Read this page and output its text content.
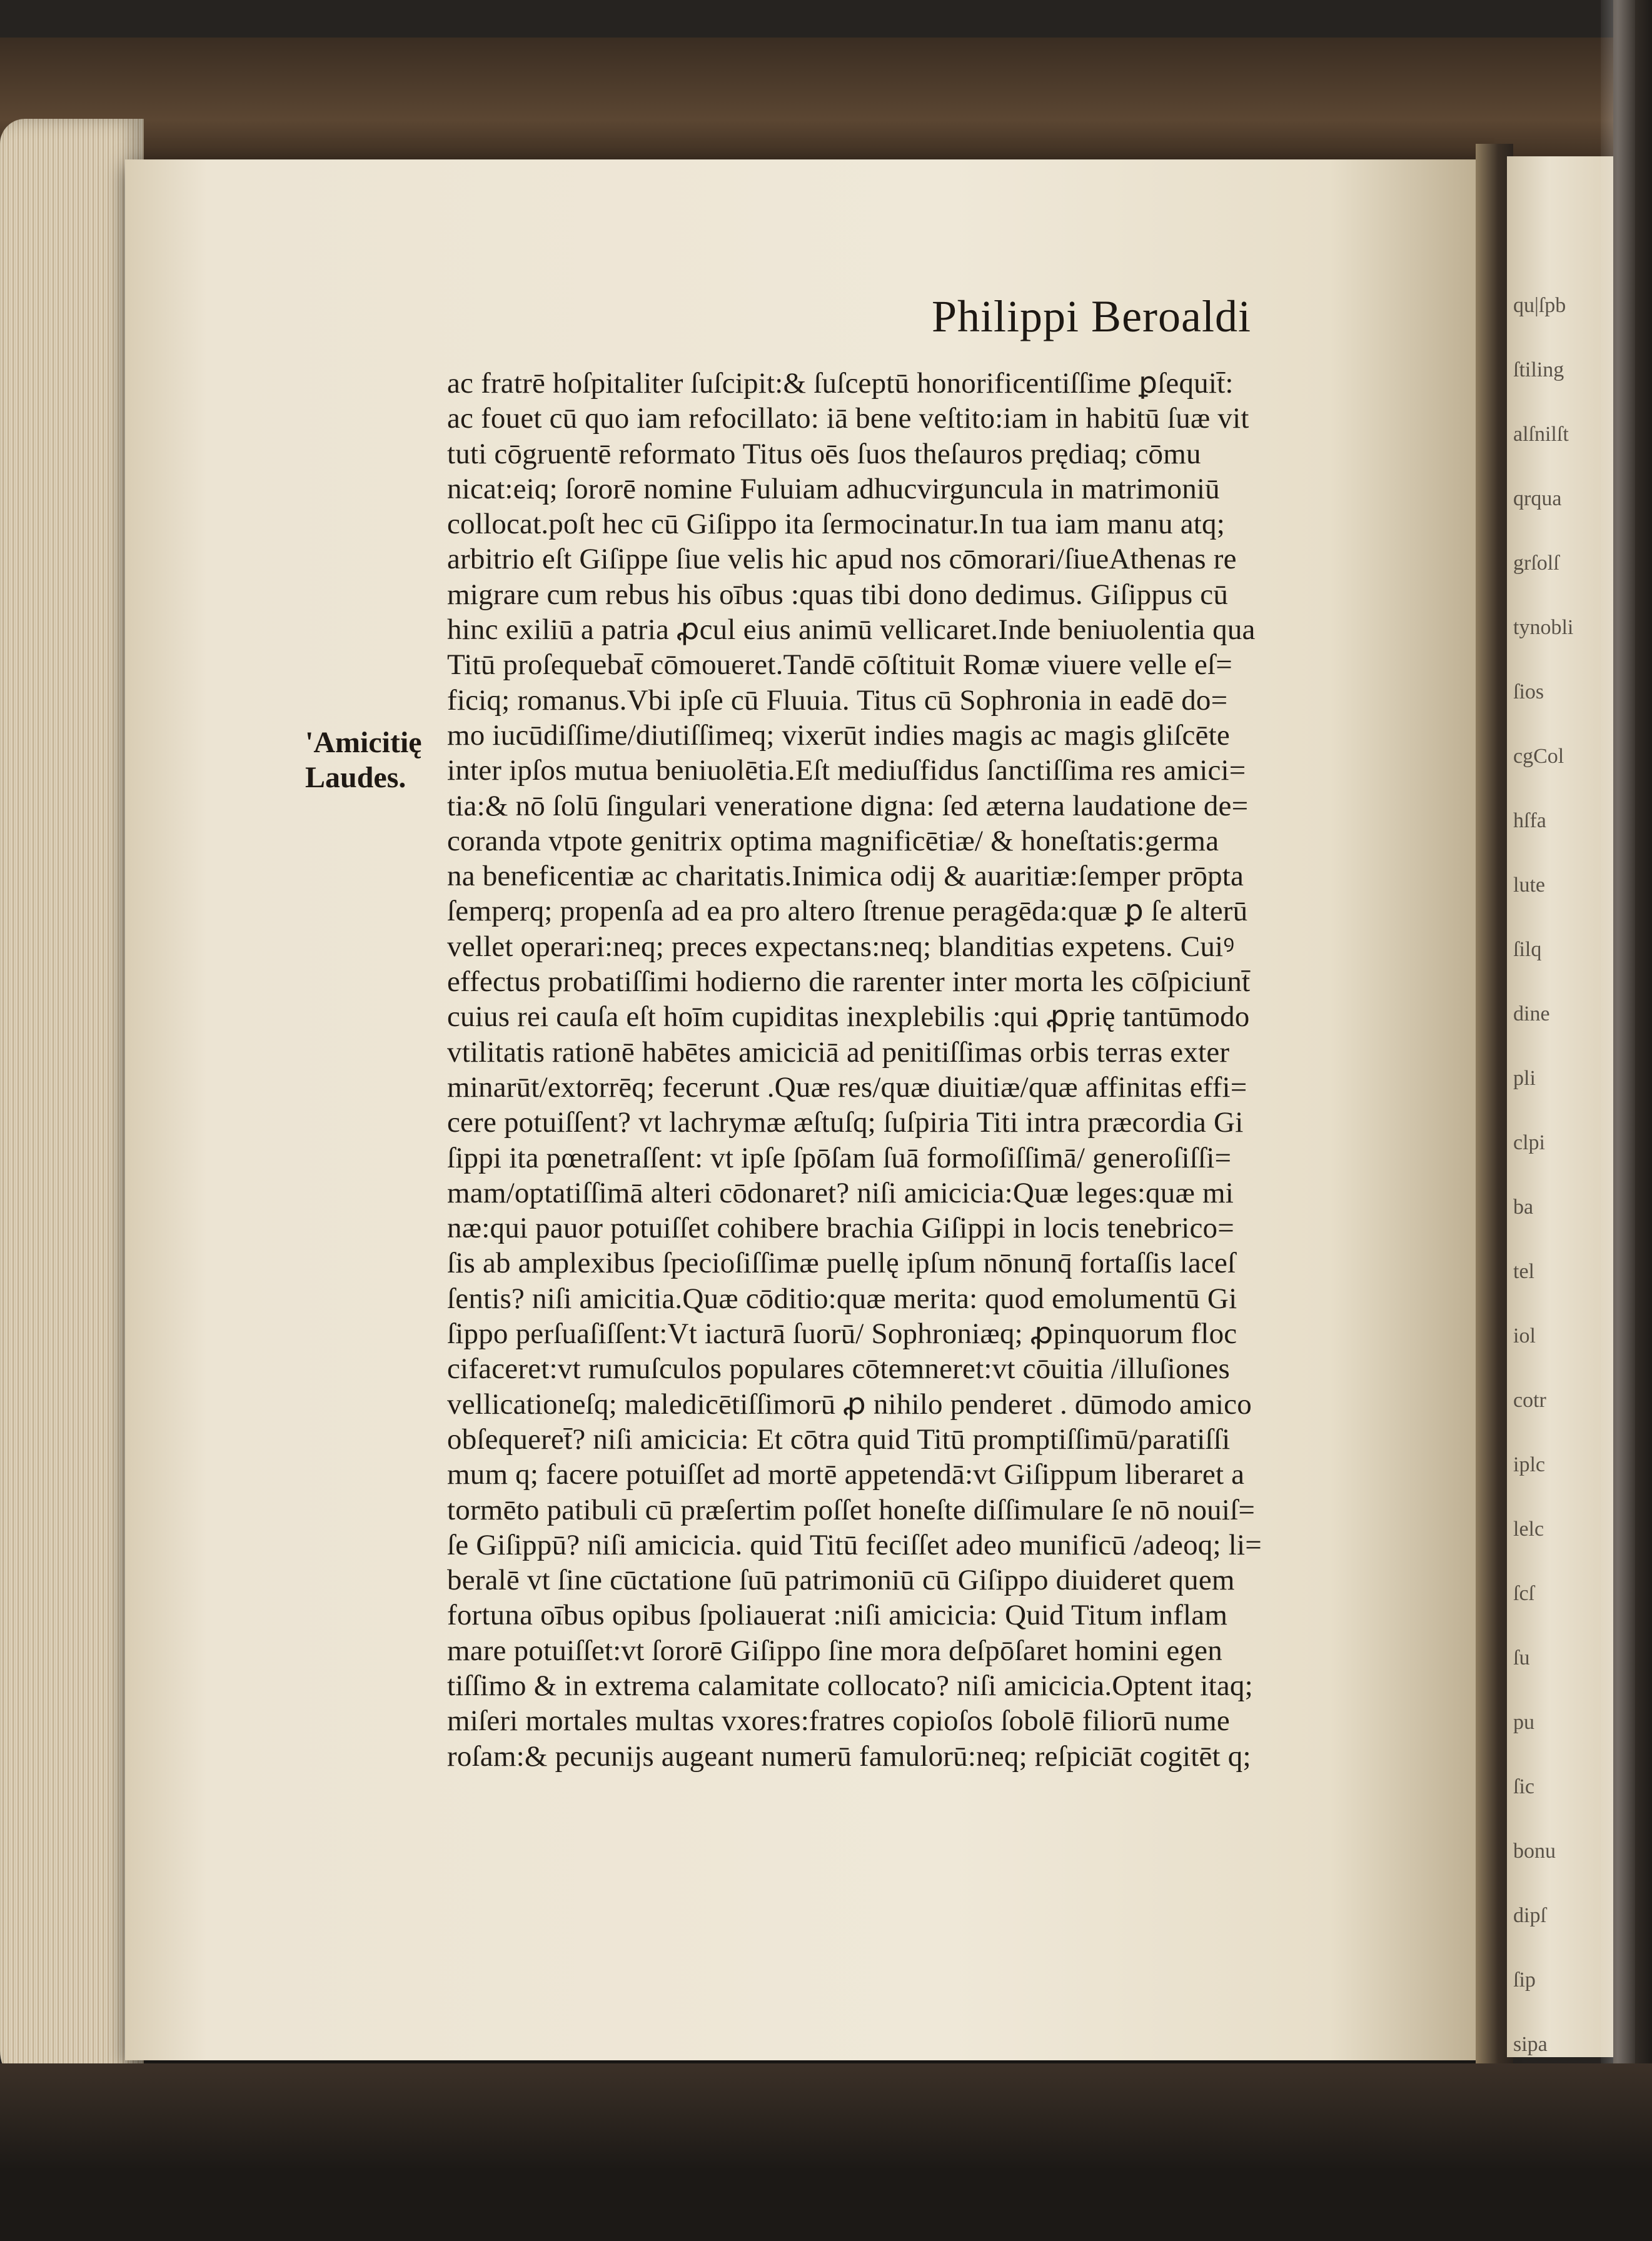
Philippi Beroaldi
'Amicitię
Laudes.
ac fratrē hoſpitaliter ſuſcipit:& ſuſceptū honorificentiſſime ꝑſequit̄:
ac fouet cū quo iam refocillato: iā bene veſtito:iam in habitū ſuæ vit
tuti cōgruentē reformato Titus oēs ſuos theſauros prędiaq; cōmu
nicat:eiq; ſororē nomine Fuluiam adhucvirguncula in matrimoniū
collocat.poſt hec cū Giſippo ita ſermocinatur.In tua iam manu atq;
arbitrio eſt Giſippe ſiue velis hic apud nos cōmorari/ſiueAthenas re
migrare cum rebus his oībus :quas tibi dono dedimus. Giſippus cū
hinc exiliū a patria ꝓcul eius animū vellicaret.Inde beniuolentia qua
Titū proſequebat̄ cōmoueret.Tandē cōſtituit Romæ viuere velle eſ=
ficiq; romanus.Vbi ipſe cū Fluuia. Titus cū Sophronia in eadē do=
mo iucūdiſſime/diutiſſimeq; vixerūt indies magis ac magis gliſcēte
inter ipſos mutua beniuolētia.Eſt mediuſfidus ſanctiſſima res amici=
tia:& nō ſolū ſingulari veneratione digna: ſed æterna laudatione de=
coranda vtpote genitrix optima magnificētiæ/ & honeſtatis:germa
na beneficentiæ ac charitatis.Inimica odij & auaritiæ:ſemper prōpta
ſemperq; propenſa ad ea pro altero ſtrenue peragēda:quæ ꝑ ſe alterū
vellet operari:neq; preces expectans:neq; blanditias expetens. Cuiꝰ
effectus probatiſſimi hodierno die rarenter inter morta les cōſpiciunt̄
cuius rei cauſa eſt hoīm cupiditas inexplebilis :qui ꝓprię tantūmodo
vtilitatis rationē habētes amiciciā ad penitiſſimas orbis terras exter
minarūt/extorrēq; fecerunt .Quæ res/quæ diuitiæ/quæ affinitas effi=
cere potuiſſent? vt lachrymæ æſtuſq; ſuſpiria Titi intra præcordia Gi
ſippi ita pœnetraſſent: vt ipſe ſpōſam ſuā formoſiſſimā/ generoſiſſi=
mam/optatiſſimā alteri cōdonaret? niſi amicicia:Quæ leges:quæ mi
næ:qui pauor potuiſſet cohibere brachia Giſippi in locis tenebrico=
ſis ab amplexibus ſpecioſiſſimæ puellę ipſum nōnunq̄ fortaſſis laceſ
ſentis? niſi amicitia.Quæ cōditio:quæ merita: quod emolumentū Gi
ſippo perſuaſiſſent:Vt iacturā ſuorū/ Sophroniæq; ꝓpinquorum floc
cifaceret:vt rumuſculos populares cōtemneret:vt cōuitia /illuſiones
vellicationeſq; maledicētiſſimorū ꝓ nihilo penderet . dūmodo amico
obſequeret̄? niſi amicicia: Et cōtra quid Titū promptiſſimū/paratiſſi
mum q; facere potuiſſet ad mortē appetendā:vt Giſippum liberaret a
tormēto patibuli cū præſertim poſſet honeſte diſſimulare ſe nō nouiſ=
ſe Giſippū? niſi amicicia. quid Titū feciſſet adeo munificū /adeoq; li=
beralē vt ſine cūctatione ſuū patrimoniū cū Giſippo diuideret quem
fortuna oībus opibus ſpoliauerat :niſi amicicia: Quid Titum inflam
mare potuiſſet:vt ſororē Giſippo ſine mora deſpōſaret homini egen
tiſſimo & in extrema calamitate collocato? niſi amicicia.Optent itaq;
miſeri mortales multas vxores:fratres copioſos ſobolē filiorū nume
roſam:& pecunijs augeant numerū famulorū:neq; reſpiciāt cogitēt q;
qu|ſpb
ſtiling
alſnilſt
qrqua
grſolſ
tynobli
ſios
cgCol
hſfa
lute
ſilq
dine
pli
clpi
ba
tel
iol
cotr
iplc
lelc
ſcſ
ſu
pu
ſic
bonu
dipſ
ſip
sipa
